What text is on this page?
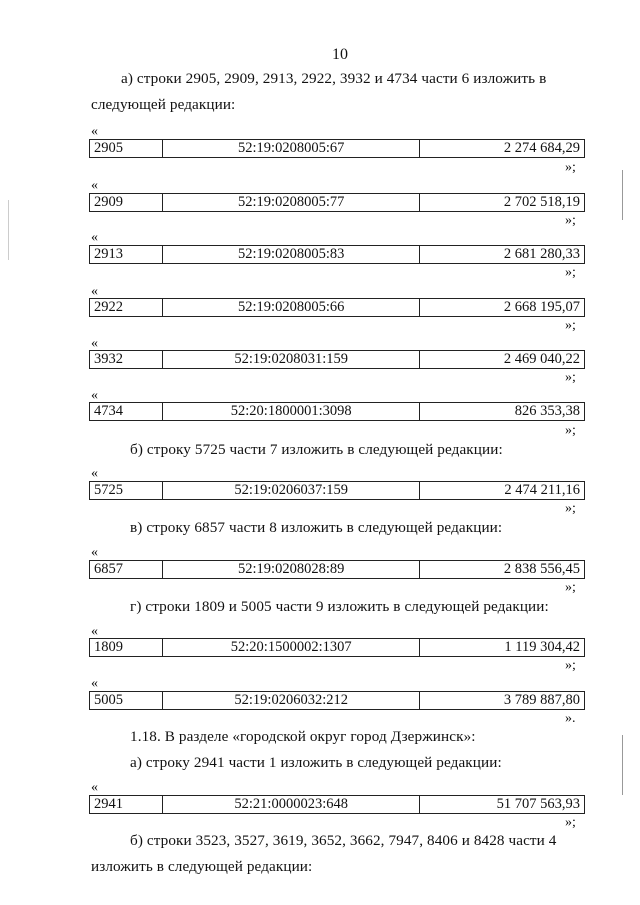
10
а) строки 2905, 2909, 2913, 2922, 3932 и 4734 части 6 изложить в
следующей редакции:
«
2905	52:19:0208005:67	2 274 684,29
»;
«
2909	52:19:0208005:77	2 702 518,19
»;
«
2913	52:19:0208005:83	2 681 280,33
»;
«
2922	52:19:0208005:66	2 668 195,07
»;
«
3932	52:19:0208031:159	2 469 040,22
»;
«
4734	52:20:1800001:3098	826 353,38
»;
б) строку 5725 части 7 изложить в следующей редакции:
«
5725	52:19:0206037:159	2 474 211,16
»;
в) строку 6857 части 8 изложить в следующей редакции:
«
6857	52:19:0208028:89	2 838 556,45
»;
г) строки 1809 и 5005 части 9 изложить в следующей редакции:
«
1809	52:20:1500002:1307	1 119 304,42
»;
«
5005	52:19:0206032:212	3 789 887,80
».
1.18. В разделе «городской округ город Дзержинск»:
а) строку 2941 части 1 изложить в следующей редакции:
«
2941	52:21:0000023:648	51 707 563,93
»;
б) строки 3523, 3527, 3619, 3652, 3662, 7947, 8406 и 8428 части 4
изложить в следующей редакции:
